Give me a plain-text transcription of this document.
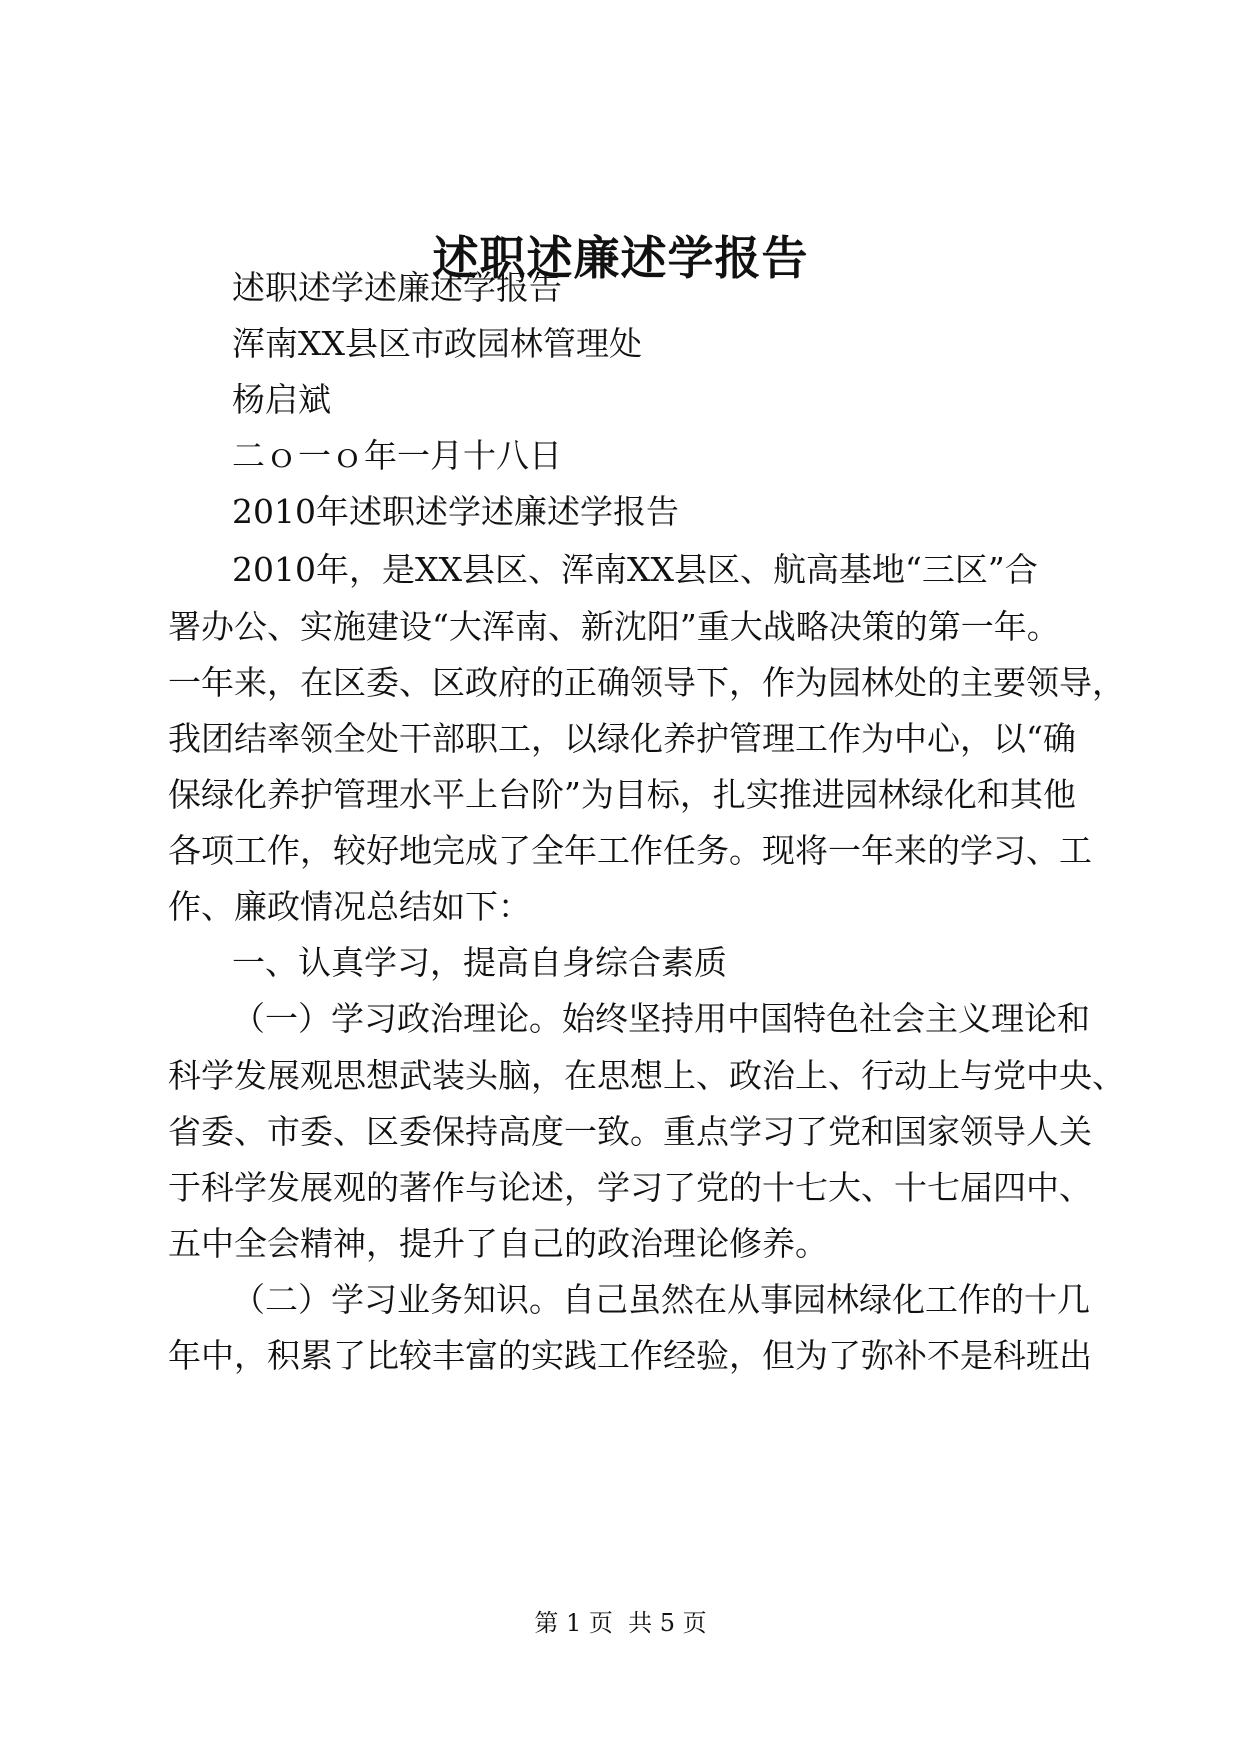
述职述廉述学报告
述职述学述廉述学报告
浑南XX县区市政园林管理处
杨启斌
二ｏ一ｏ年一月十八日
2010年述职述学述廉述学报告
2010年，是XX县区、浑南XX县区、航高基地“三区”合
署办公、实施建设“大浑南、新沈阳”重大战略决策的第一年。
一年来，在区委、区政府的正确领导下，作为园林处的主要领导，
我团结率领全处干部职工，以绿化养护管理工作为中心，以“确
保绿化养护管理水平上台阶”为目标，扎实推进园林绿化和其他
各项工作，较好地完成了全年工作任务。现将一年来的学习、工
作、廉政情况总结如下：
一、认真学习，提高自身综合素质
（一）学习政治理论。始终坚持用中国特色社会主义理论和
科学发展观思想武装头脑，在思想上、政治上、行动上与党中央、
省委、市委、区委保持高度一致。重点学习了党和国家领导人关
于科学发展观的著作与论述，学习了党的十七大、十七届四中、
五中全会精神，提升了自己的政治理论修养。
（二）学习业务知识。自己虽然在从事园林绿化工作的十几
年中，积累了比较丰富的实践工作经验，但为了弥补不是科班出
第 1 页  共 5 页
